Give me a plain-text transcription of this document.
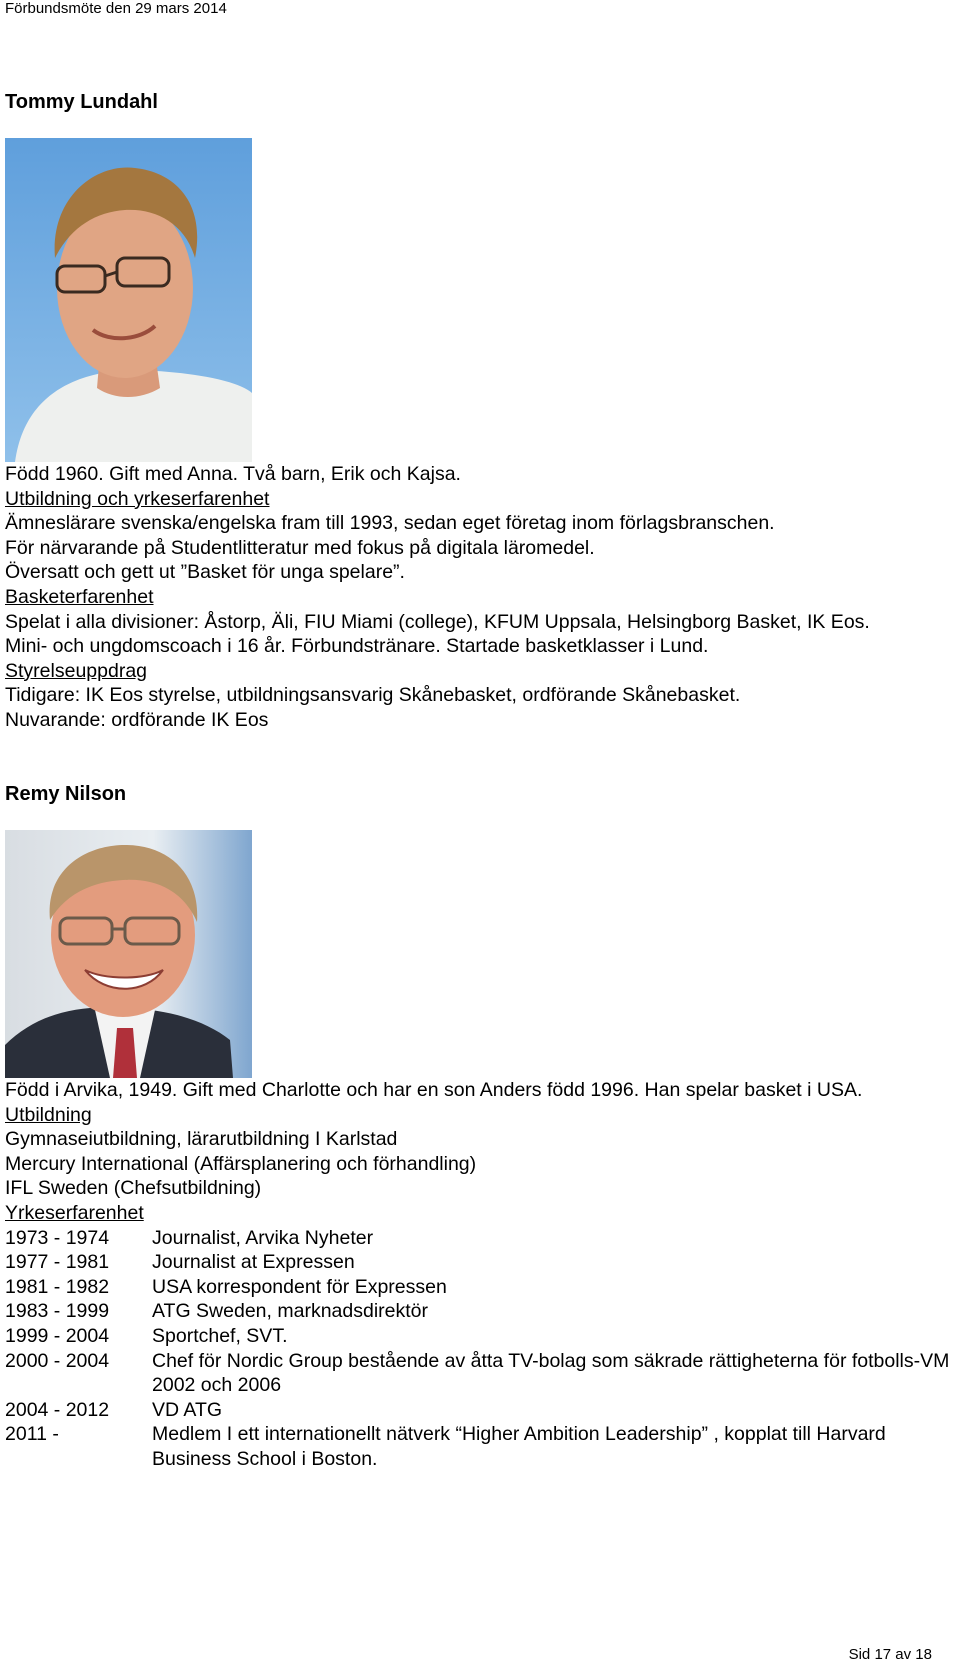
Förbundsmöte den 29 mars 2014
Tommy Lundahl
Född 1960. Gift med Anna. Två barn, Erik och Kajsa.
Utbildning och yrkeserfarenhet
Ämneslärare svenska/engelska fram till 1993, sedan eget företag inom förlagsbranschen.
För närvarande på Studentlitteratur med fokus på digitala läromedel.
Översatt och gett ut ”Basket för unga spelare”.
Basketerfarenhet
Spelat i alla divisioner: Åstorp, Äli, FIU Miami (college), KFUM Uppsala, Helsingborg Basket, IK Eos.
Mini- och ungdomscoach i 16 år. Förbundstränare. Startade basketklasser i Lund.
Styrelseuppdrag
Tidigare: IK Eos styrelse, utbildningsansvarig Skånebasket, ordförande Skånebasket.
Nuvarande: ordförande IK Eos
Remy Nilson
Född i Arvika, 1949. Gift med Charlotte och har en son Anders född 1996. Han spelar basket i USA.
Utbildning
Gymnaseiutbildning, lärarutbildning I Karlstad
Mercury International (Affärsplanering och förhandling)
IFL Sweden (Chefsutbildning)
Yrkeserfarenhet
1973 - 1974	Journalist, Arvika Nyheter
1977 - 1981	Journalist at Expressen
1981 - 1982	USA korrespondent för Expressen
1983 - 1999	ATG Sweden, marknadsdirektör
1999 - 2004	Sportchef, SVT.
2000 - 2004	Chef för Nordic Group bestående av åtta TV-bolag som säkrade rättigheterna för fotbolls-VM 2002 och 2006
2004 - 2012	VD ATG
2011 -	Medlem I ett internationellt nätverk “Higher Ambition Leadership” , kopplat till Harvard Business School i Boston.
Sid 17 av 18
